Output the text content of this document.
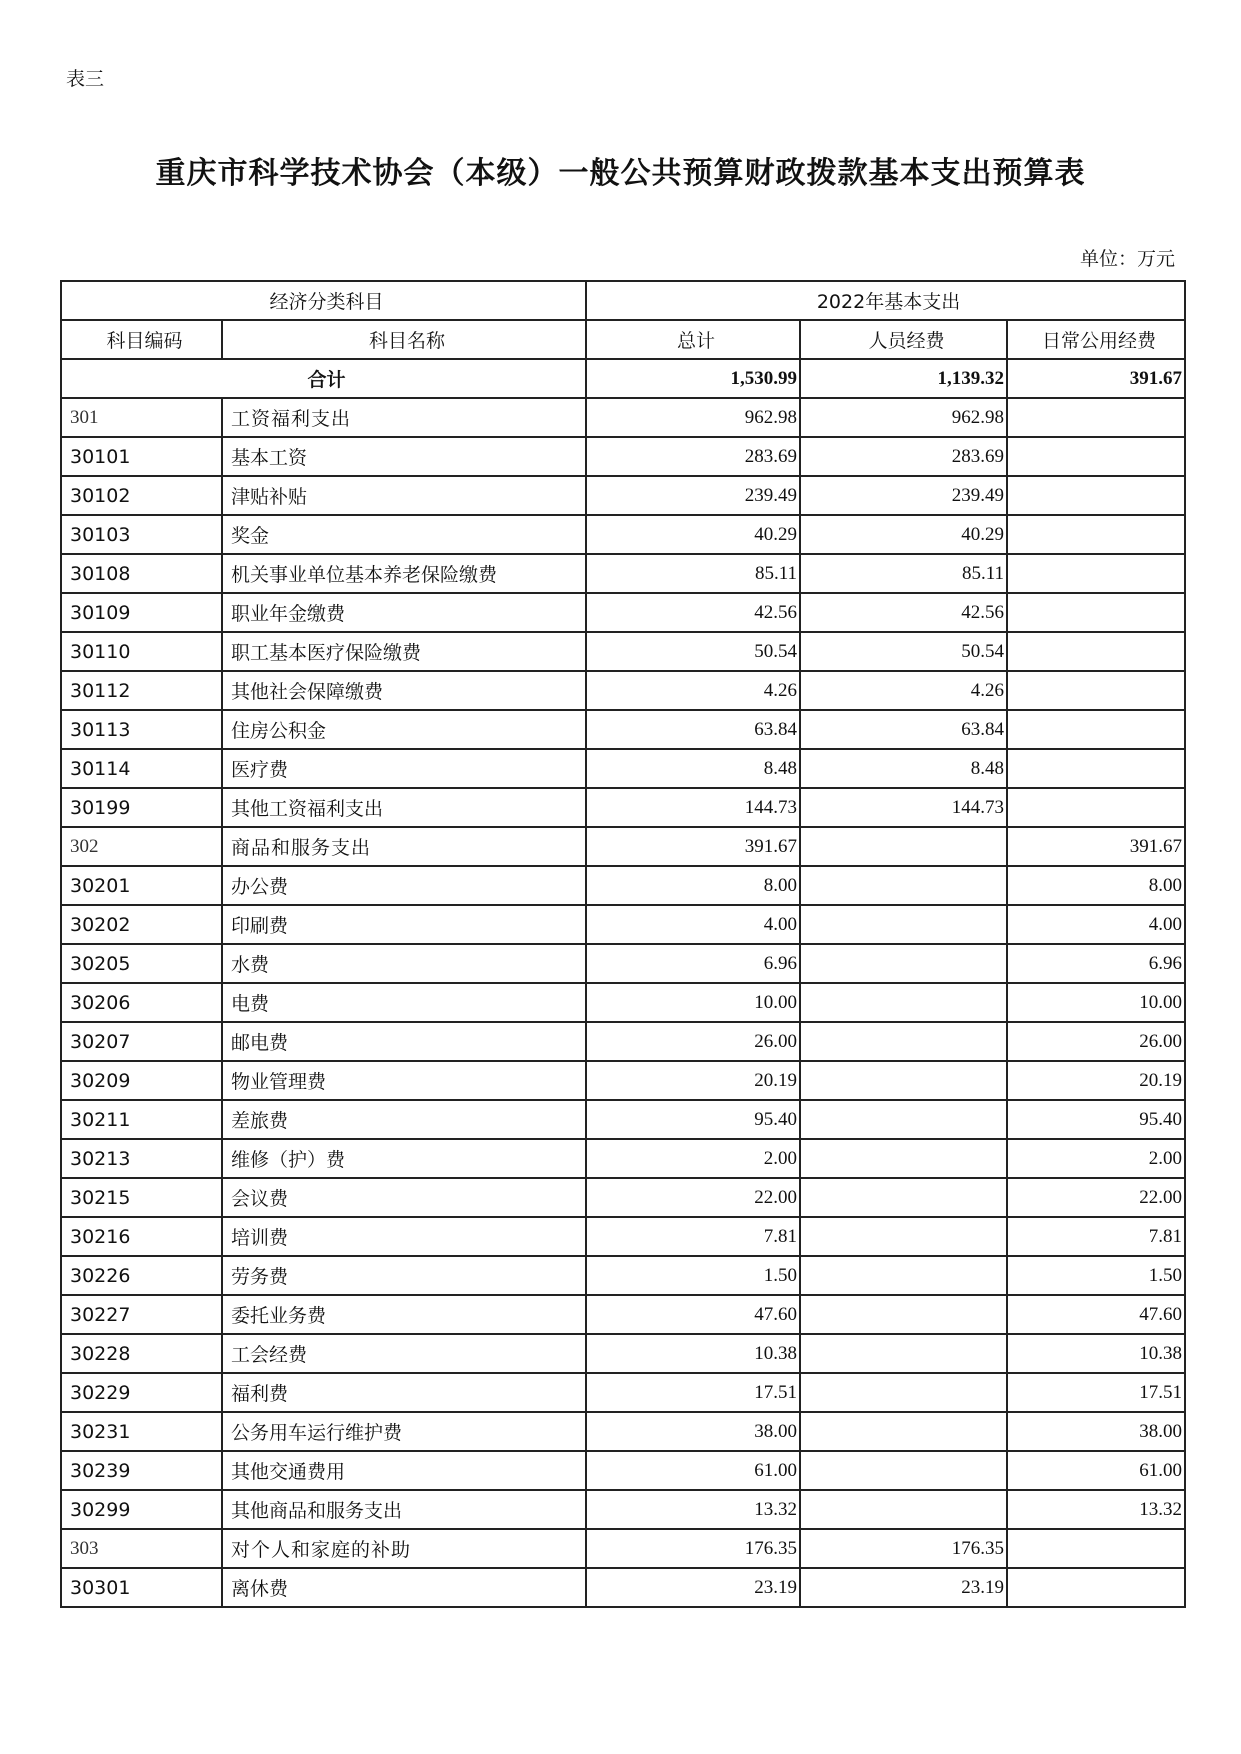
表三
重庆市科学技术协会（本级）一般公共预算财政拨款基本支出预算表
单位：万元
经济分类科目		2022年基本支出		
科目编码	科目名称	总计	人员经费	日常公用经费
合计		1,530.99	1,139.32	391.67
301	工资福利支出	962.98	962.98	
30101	基本工资	283.69	283.69	
30102	津贴补贴	239.49	239.49	
30103	奖金	40.29	40.29	
30108	机关事业单位基本养老保险缴费	85.11	85.11	
30109	职业年金缴费	42.56	42.56	
30110	职工基本医疗保险缴费	50.54	50.54	
30112	其他社会保障缴费	4.26	4.26	
30113	住房公积金	63.84	63.84	
30114	医疗费	8.48	8.48	
30199	其他工资福利支出	144.73	144.73	
302	商品和服务支出	391.67		391.67
30201	办公费	8.00		8.00
30202	印刷费	4.00		4.00
30205	水费	6.96		6.96
30206	电费	10.00		10.00
30207	邮电费	26.00		26.00
30209	物业管理费	20.19		20.19
30211	差旅费	95.40		95.40
30213	维修（护）费	2.00		2.00
30215	会议费	22.00		22.00
30216	培训费	7.81		7.81
30226	劳务费	1.50		1.50
30227	委托业务费	47.60		47.60
30228	工会经费	10.38		10.38
30229	福利费	17.51		17.51
30231	公务用车运行维护费	38.00		38.00
30239	其他交通费用	61.00		61.00
30299	其他商品和服务支出	13.32		13.32
303	对个人和家庭的补助	176.35	176.35	
30301	离休费	23.19	23.19	
